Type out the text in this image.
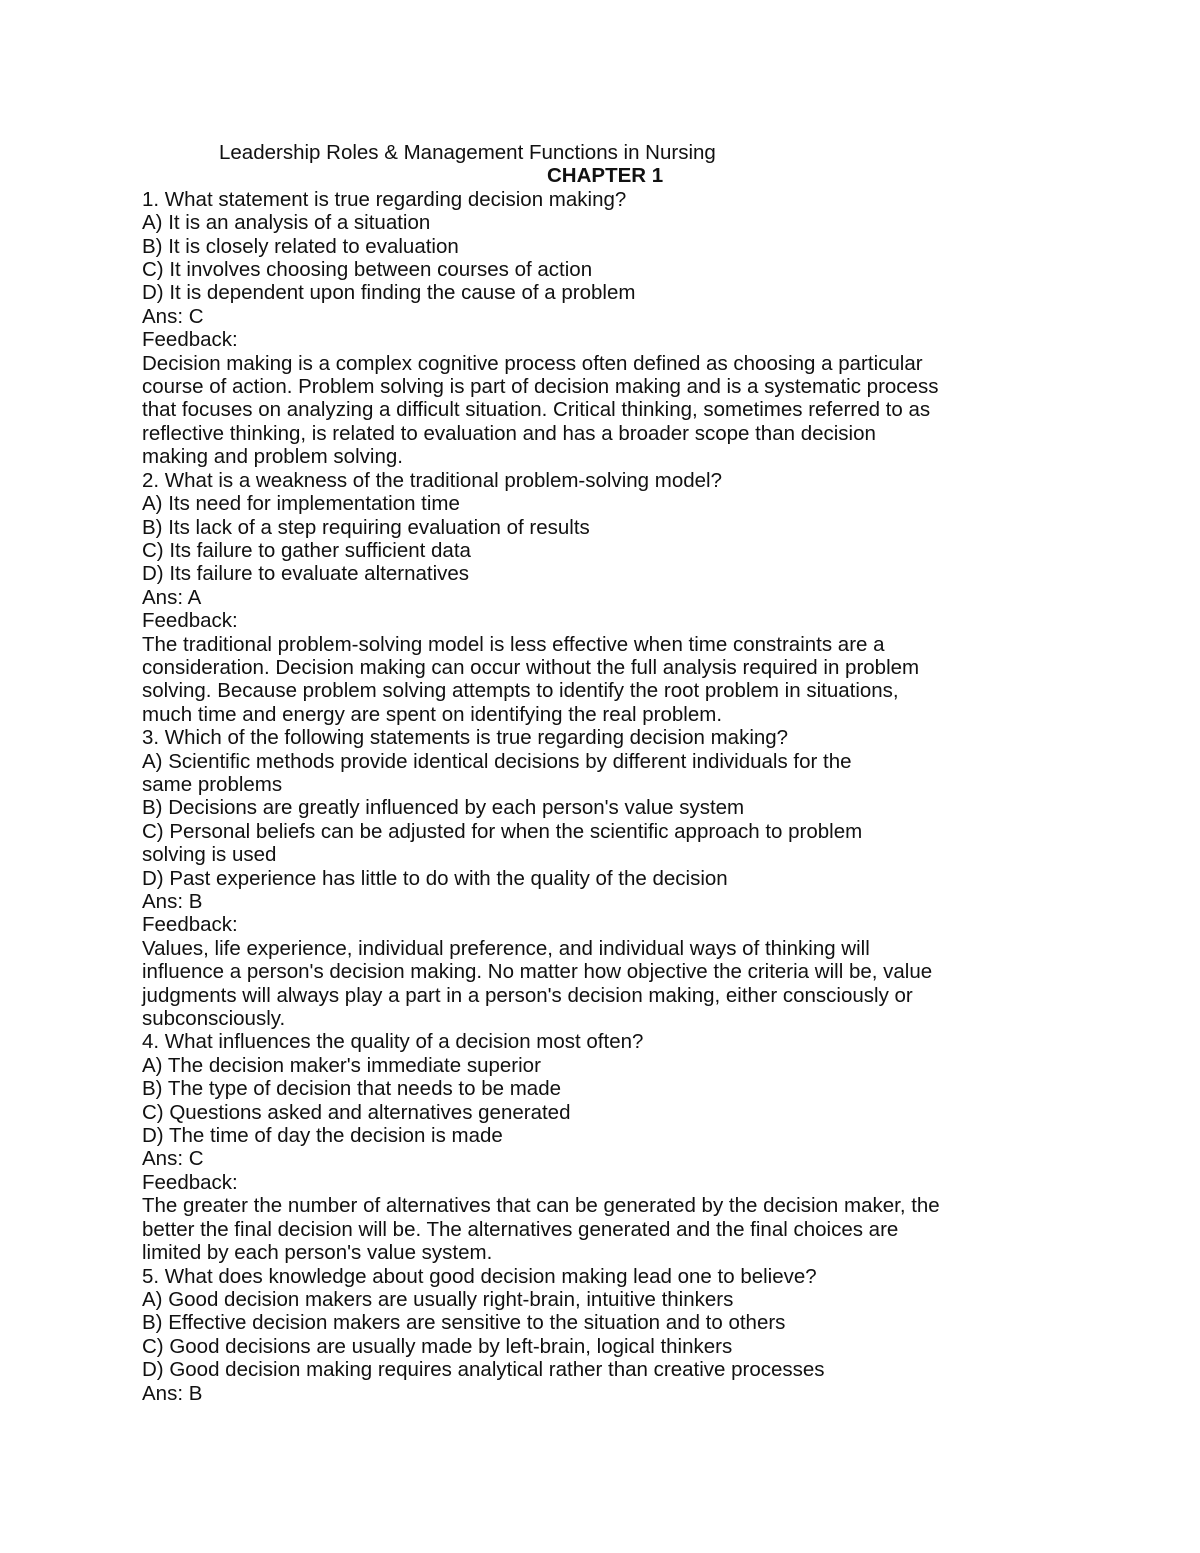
Leadership Roles & Management Functions in Nursing
CHAPTER 1
1. What statement is true regarding decision making?
A) It is an analysis of a situation
B) It is closely related to evaluation
C) It involves choosing between courses of action
D) It is dependent upon finding the cause of a problem
Ans: C
Feedback:
Decision making is a complex cognitive process often defined as choosing a particular
course of action. Problem solving is part of decision making and is a systematic process
that focuses on analyzing a difficult situation. Critical thinking, sometimes referred to as
reflective thinking, is related to evaluation and has a broader scope than decision
making and problem solving.
2. What is a weakness of the traditional problem-solving model?
A) Its need for implementation time
B) Its lack of a step requiring evaluation of results
C) Its failure to gather sufficient data
D) Its failure to evaluate alternatives
Ans: A
Feedback:
The traditional problem-solving model is less effective when time constraints are a
consideration. Decision making can occur without the full analysis required in problem
solving. Because problem solving attempts to identify the root problem in situations,
much time and energy are spent on identifying the real problem.
3. Which of the following statements is true regarding decision making?
A) Scientific methods provide identical decisions by different individuals for the
same problems
B) Decisions are greatly influenced by each person's value system
C) Personal beliefs can be adjusted for when the scientific approach to problem
solving is used
D) Past experience has little to do with the quality of the decision
Ans: B
Feedback:
Values, life experience, individual preference, and individual ways of thinking will
influence a person's decision making. No matter how objective the criteria will be, value
judgments will always play a part in a person's decision making, either consciously or
subconsciously.
4. What influences the quality of a decision most often?
A) The decision maker's immediate superior
B) The type of decision that needs to be made
C) Questions asked and alternatives generated
D) The time of day the decision is made
Ans: C
Feedback:
The greater the number of alternatives that can be generated by the decision maker, the
better the final decision will be. The alternatives generated and the final choices are
limited by each person's value system.
5. What does knowledge about good decision making lead one to believe?
A) Good decision makers are usually right-brain, intuitive thinkers
B) Effective decision makers are sensitive to the situation and to others
C) Good decisions are usually made by left-brain, logical thinkers
D) Good decision making requires analytical rather than creative processes
Ans: B
